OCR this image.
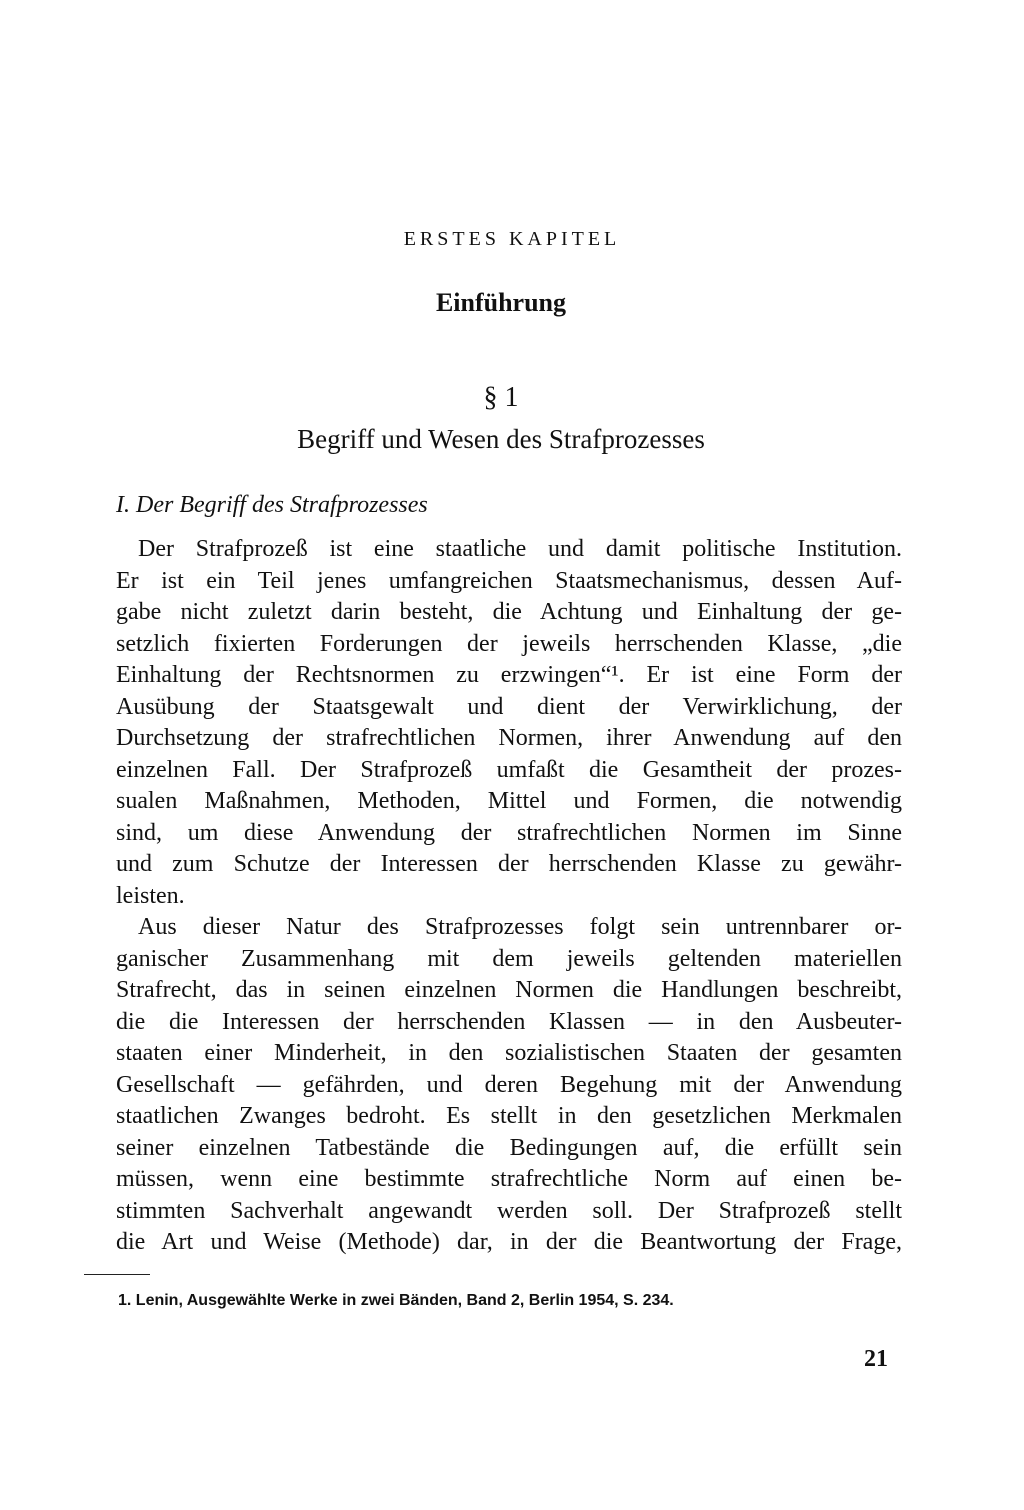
ERSTES KAPITEL
Einführung
§ 1
Begriff und Wesen des Strafprozesses
I. Der Begriff des Strafprozesses
Der Strafprozeß ist eine staatliche und damit politische Institution.
Er ist ein Teil jenes umfangreichen Staatsmechanismus, dessen Auf-
gabe nicht zuletzt darin besteht, die Achtung und Einhaltung der ge-
setzlich fixierten Forderungen der jeweils herrschenden Klasse, „die
Einhaltung der Rechtsnormen zu erzwingen“¹. Er ist eine Form der
Ausübung der Staatsgewalt und dient der Verwirklichung, der
Durchsetzung der strafrechtlichen Normen, ihrer Anwendung auf den
einzelnen Fall. Der Strafprozeß umfaßt die Gesamtheit der prozes-
sualen Maßnahmen, Methoden, Mittel und Formen, die notwendig
sind, um diese Anwendung der strafrechtlichen Normen im Sinne
und zum Schutze der Interessen der herrschenden Klasse zu gewähr-
leisten.
Aus dieser Natur des Strafprozesses folgt sein untrennbarer or-
ganischer Zusammenhang mit dem jeweils geltenden materiellen
Strafrecht, das in seinen einzelnen Normen die Handlungen beschreibt,
die die Interessen der herrschenden Klassen — in den Ausbeuter-
staaten einer Minderheit, in den sozialistischen Staaten der gesamten
Gesellschaft — gefährden, und deren Begehung mit der Anwendung
staatlichen Zwanges bedroht. Es stellt in den gesetzlichen Merkmalen
seiner einzelnen Tatbestände die Bedingungen auf, die erfüllt sein
müssen, wenn eine bestimmte strafrechtliche Norm auf einen be-
stimmten Sachverhalt angewandt werden soll. Der Strafprozeß stellt
die Art und Weise (Methode) dar, in der die Beantwortung der Frage,
1. Lenin, Ausgewählte Werke in zwei Bänden, Band 2, Berlin 1954, S. 234.
21
